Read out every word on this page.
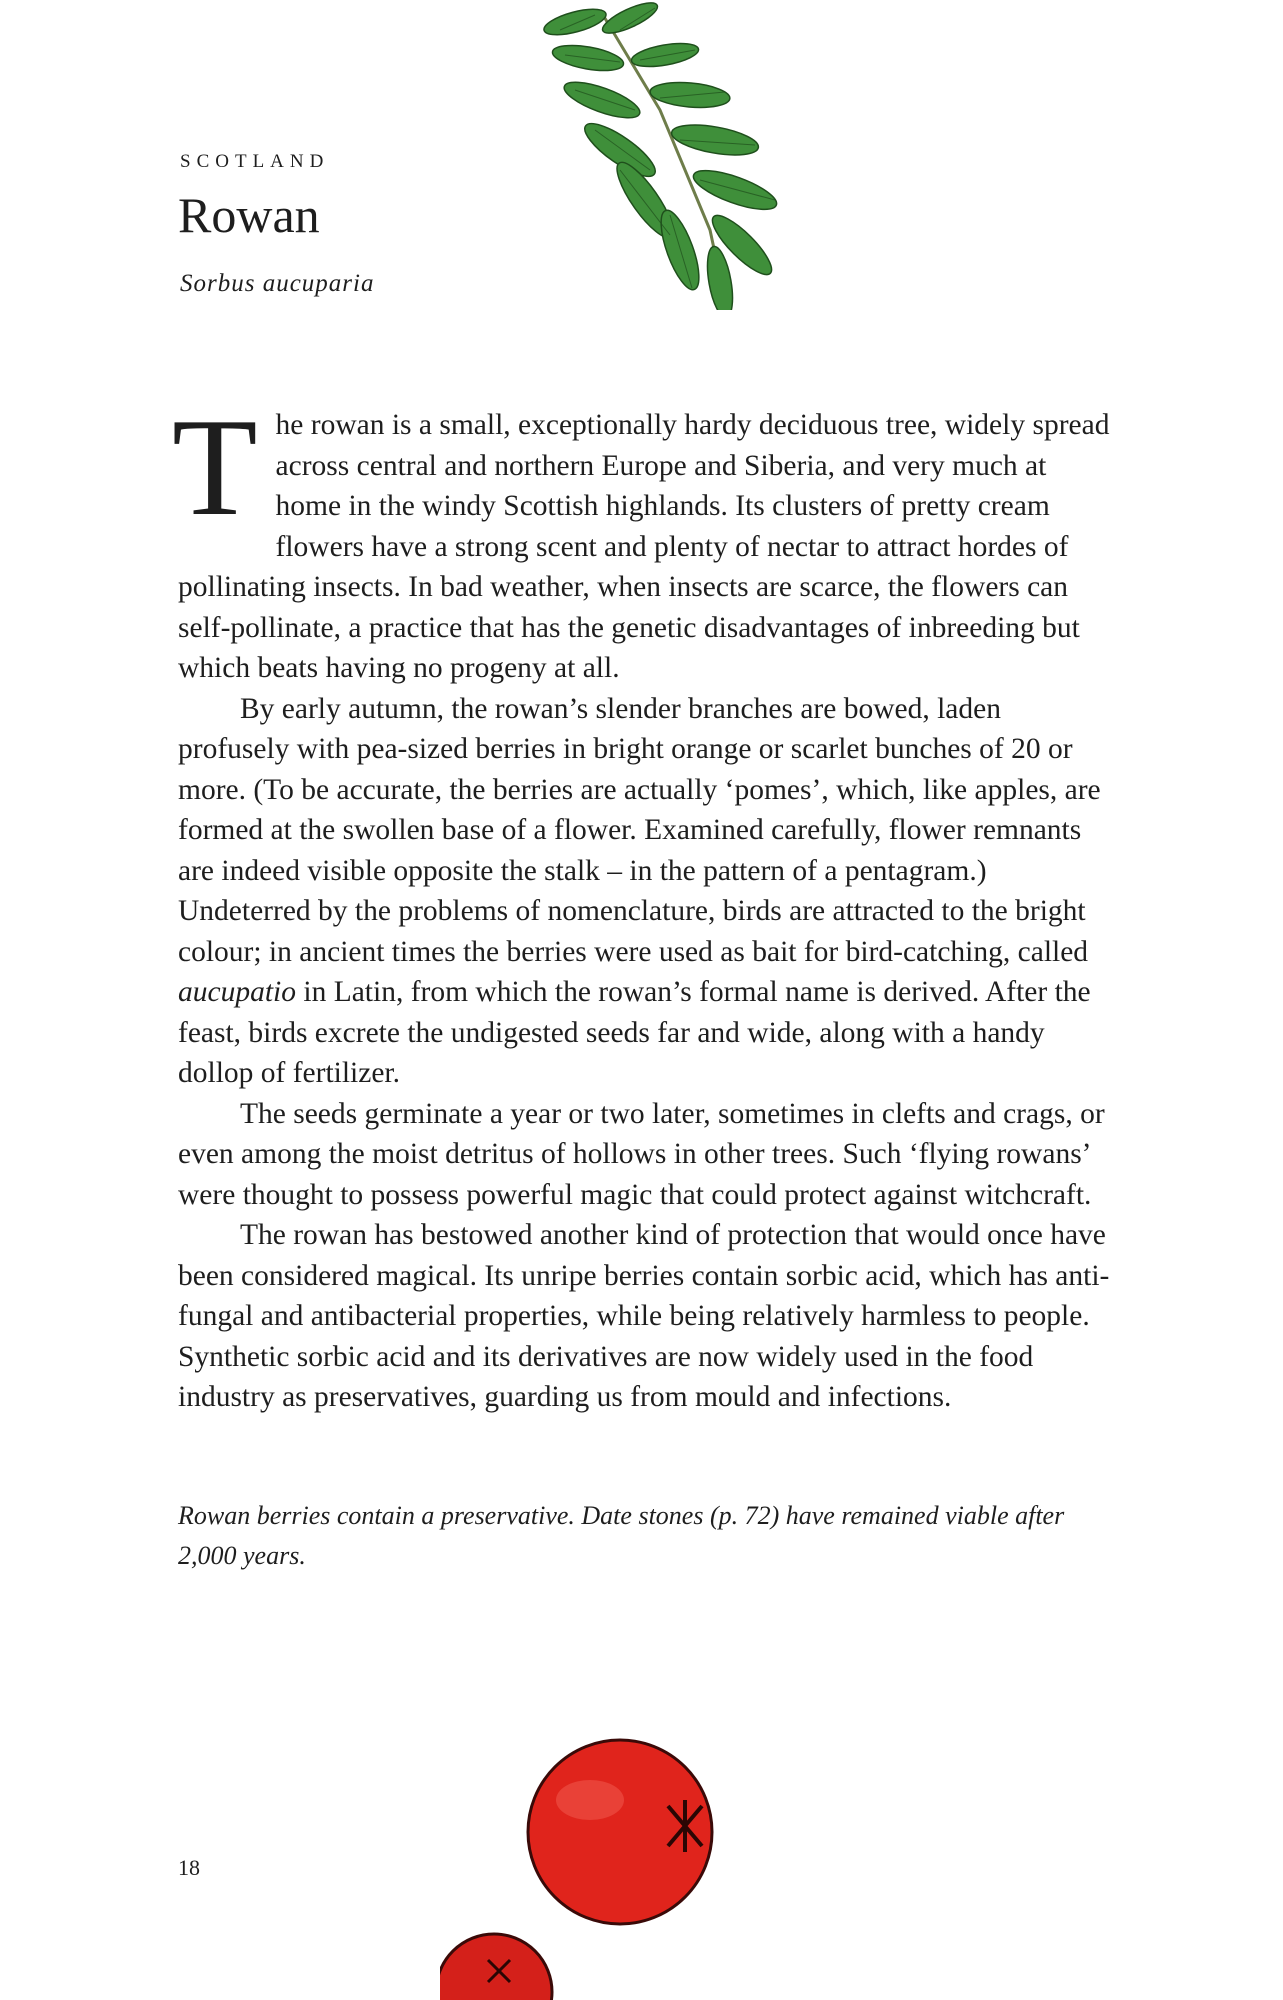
SCOTLAND
Rowan
Sorbus aucuparia

The rowan is a small, exceptionally hardy deciduous tree, widely spread across central and northern Europe and Siberia, and very much at home in the windy Scottish highlands. Its clusters of pretty cream flowers have a strong scent and plenty of nectar to attract hordes of pollinating insects. In bad weather, when insects are scarce, the flowers can self-pollinate, a practice that has the genetic disadvantages of inbreeding but which beats having no progeny at all.

By early autumn, the rowan’s slender branches are bowed, laden profusely with pea-sized berries in bright orange or scarlet bunches of 20 or more. (To be accurate, the berries are actually ‘pomes’, which, like apples, are formed at the swollen base of a flower. Examined carefully, flower remnants are indeed visible opposite the stalk – in the pattern of a pentagram.) Undeterred by the problems of nomenclature, birds are attracted to the bright colour; in ancient times the berries were used as bait for bird-catching, called aucupatio in Latin, from which the rowan’s formal name is derived. After the feast, birds excrete the undigested seeds far and wide, along with a handy dollop of fertilizer.

The seeds germinate a year or two later, sometimes in clefts and crags, or even among the moist detritus of hollows in other trees. Such ‘flying rowans’ were thought to possess powerful magic that could protect against witchcraft.

The rowan has bestowed another kind of protection that would once have been considered magical. Its unripe berries contain sorbic acid, which has anti-fungal and antibacterial properties, while being relatively harmless to people. Synthetic sorbic acid and its derivatives are now widely used in the food industry as preservatives, guarding us from mould and infections.

Rowan berries contain a preservative. Date stones (p. 72) have remained viable after 2,000 years.
18
